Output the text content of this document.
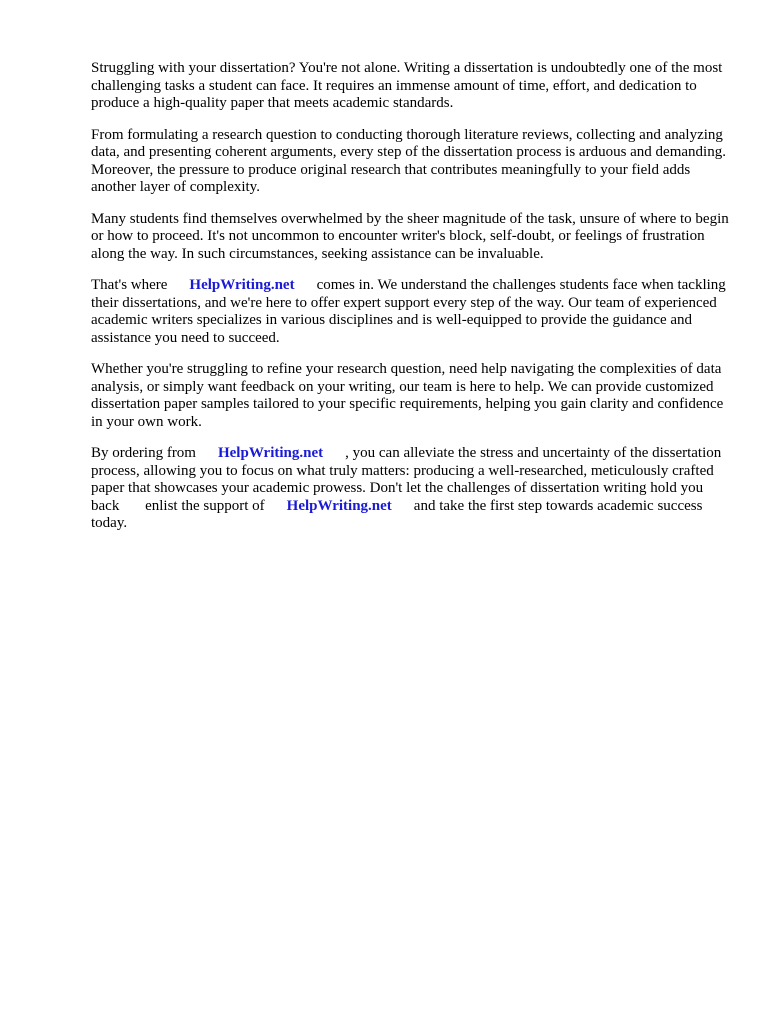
Struggling with your dissertation? You're not alone. Writing a dissertation is undoubtedly one of the most challenging tasks a student can face. It requires an immense amount of time, effort, and dedication to produce a high-quality paper that meets academic standards.

From formulating a research question to conducting thorough literature reviews, collecting and analyzing data, and presenting coherent arguments, every step of the dissertation process is arduous and demanding. Moreover, the pressure to produce original research that contributes meaningfully to your field adds another layer of complexity.

Many students find themselves overwhelmed by the sheer magnitude of the task, unsure of where to begin or how to proceed. It's not uncommon to encounter writer's block, self-doubt, or feelings of frustration along the way. In such circumstances, seeking assistance can be invaluable.

That's where HelpWriting.net comes in. We understand the challenges students face when tackling their dissertations, and we're here to offer expert support every step of the way. Our team of experienced academic writers specializes in various disciplines and is well-equipped to provide the guidance and assistance you need to succeed.

Whether you're struggling to refine your research question, need help navigating the complexities of data analysis, or simply want feedback on your writing, our team is here to help. We can provide customized dissertation paper samples tailored to your specific requirements, helping you gain clarity and confidence in your own work.

By ordering from HelpWriting.net , you can alleviate the stress and uncertainty of the dissertation process, allowing you to focus on what truly matters: producing a well-researched, meticulously crafted paper that showcases your academic prowess. Don't let the challenges of dissertation writing hold you back enlist the support of HelpWriting.net and take the first step towards academic success today.
